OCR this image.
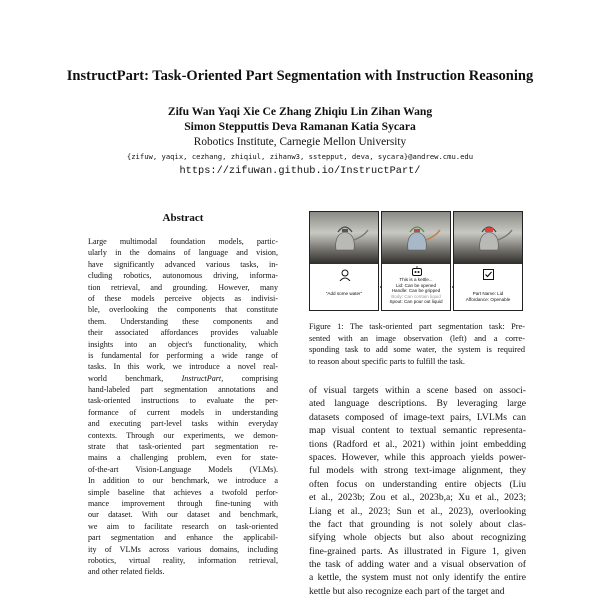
InstructPart: Task-Oriented Part Segmentation with Instruction Reasoning
Zifu Wan Yaqi Xie Ce Zhang Zhiqiu Lin Zihan Wang
Simon Stepputtis Deva Ramanan Katia Sycara
Robotics Institute, Carnegie Mellon University
{zifuw, yaqix, cezhang, zhiqiul, zihanw3, sstepput, deva, sycara}@andrew.cmu.edu
https://zifuwan.github.io/InstructPart/
Abstract
Large multimodal foundation models, partic-
ularly in the domains of language and vision,
have significantly advanced various tasks, in-
cluding robotics, autonomous driving, informa-
tion retrieval, and grounding. However, many
of these models perceive objects as indivisi-
ble, overlooking the components that constitute
them. Understanding these components and
their associated affordances provides valuable
insights into an object's functionality, which
is fundamental for performing a wide range of
tasks. In this work, we introduce a novel real-
world benchmark, InstructPart, comprising
hand-labeled part segmentation annotations and
task-oriented instructions to evaluate the per-
formance of current models in understanding
and executing part-level tasks within everyday
contexts. Through our experiments, we demon-
strate that task-oriented part segmentation re-
mains a challenging problem, even for state-
of-the-art Vision-Language Models (VLMs).
In addition to our benchmark, we introduce a
simple baseline that achieves a twofold perfor-
mance improvement through fine-tuning with
our dataset. With our dataset and benchmark,
we aim to facilitate research on task-oriented
part segmentation and enhance the applicabil-
ity of VLMs across various domains, including
robotics, virtual reality, information retrieval,
and other related fields.
"Add some water"
This is a kettle...
Lid: Can be opened
Handle: Can be gripped
Body: Can contain liquid
Spout: Can pour out liquid
Part Name: Lid
Affordance: Openable
Figure 1: The task-oriented part segmentation task: Pre-
sented with an image observation (left) and a corre-
sponding task to add some water, the system is required
to reason about specific parts to fulfill the task.
of visual targets within a scene based on associ-
ated language descriptions. By leveraging large
datasets composed of image-text pairs, LVLMs can
map visual content to textual semantic representa-
tions (Radford et al., 2021) within joint embedding
spaces. However, while this approach yields power-
ful models with strong text-image alignment, they
often focus on understanding entire objects (Liu
et al., 2023b; Zou et al., 2023b,a; Xu et al., 2023;
Liang et al., 2023; Sun et al., 2023), overlooking
the fact that grounding is not solely about clas-
sifying whole objects but also about recognizing
fine-grained parts. As illustrated in Figure 1, given
the task of adding water and a visual observation of
a kettle, the system must not only identify the entire
kettle but also recognize each part of the target and
